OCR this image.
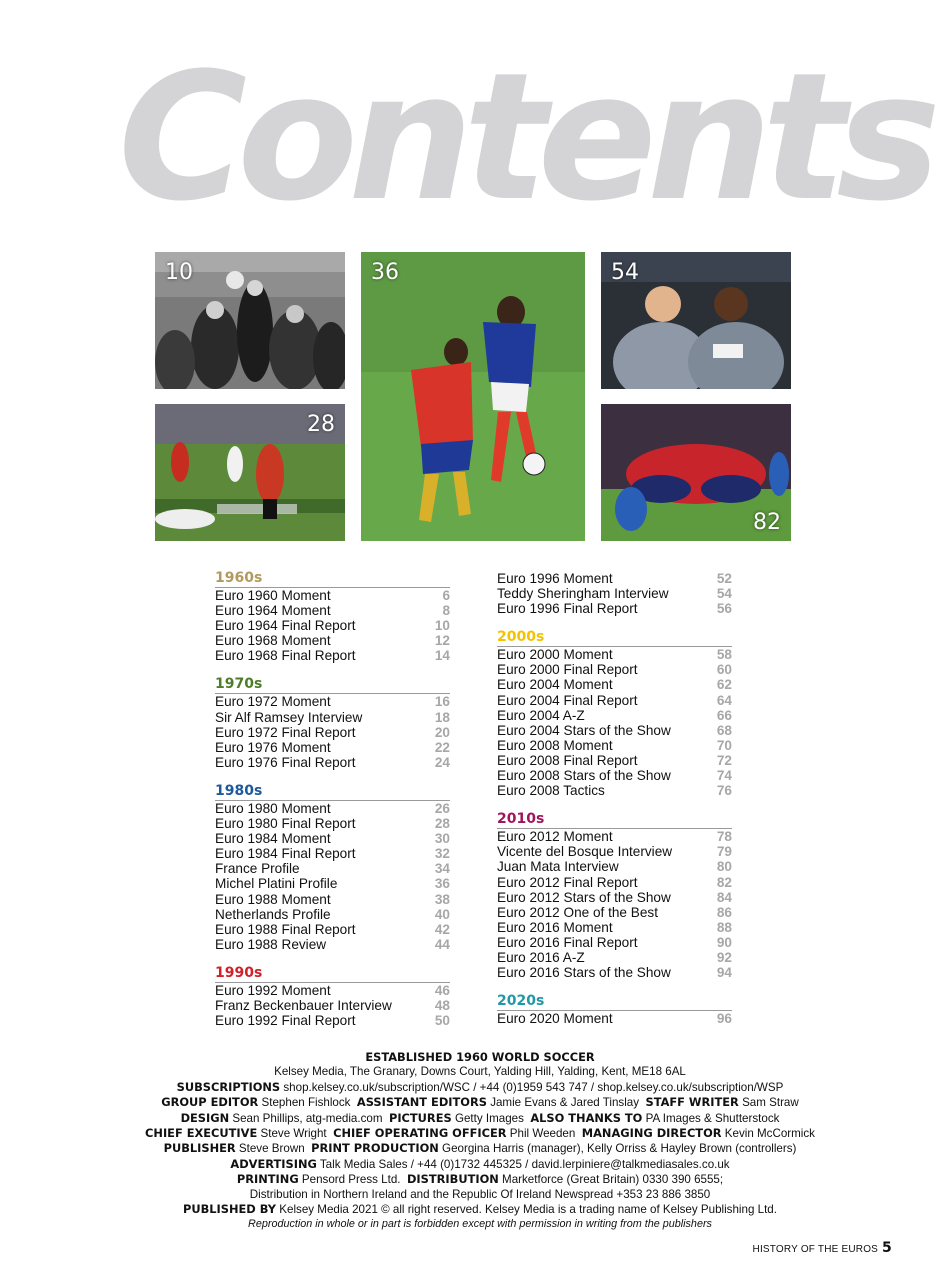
Contents
10
28
36	54
82
1960s
Euro 1960 Moment	6
Euro 1964 Moment	8
Euro 1964 Final Report	10
Euro 1968 Moment	12
Euro 1968 Final Report	14
1970s
Euro 1972 Moment	16
Sir Alf Ramsey Interview	18
Euro 1972 Final Report	20
Euro 1976 Moment	22
Euro 1976 Final Report	24
1980s
Euro 1980 Moment	26
Euro 1980 Final Report	28
Euro 1984 Moment	30
Euro 1984 Final Report	32
France Profile	34
Michel Platini Profile	36
Euro 1988 Moment	38
Netherlands Profile	40
Euro 1988 Final Report	42
Euro 1988 Review	44
1990s
Euro 1992 Moment	46
Franz Beckenbauer Interview	48
Euro 1992 Final Report	50
Euro 1996 Moment	52
Teddy Sheringham Interview	54
Euro 1996 Final Report	56
2000s
Euro 2000 Moment	58
Euro 2000 Final Report	60
Euro 2004 Moment	62
Euro 2004 Final Report	64
Euro 2004 A-Z	66
Euro 2004 Stars of the Show	68
Euro 2008 Moment	70
Euro 2008 Final Report	72
Euro 2008 Stars of the Show	74
Euro 2008 Tactics	76
2010s
Euro 2012 Moment	78
Vicente del Bosque Interview	79
Juan Mata Interview	80
Euro 2012 Final Report	82
Euro 2012 Stars of the Show	84
Euro 2012 One of the Best	86
Euro 2016 Moment	88
Euro 2016 Final Report	90
Euro 2016 A-Z	92
Euro 2016 Stars of the Show	94
2020s
Euro 2020 Moment	96
ESTABLISHED 1960 WORLD SOCCER
Kelsey Media, The Granary, Downs Court, Yalding Hill, Yalding, Kent, ME18 6AL
SUBSCRIPTIONS shop.kelsey.co.uk/subscription/WSC / +44 (0)1959 543 747 / shop.kelsey.co.uk/subscription/WSP
GROUP EDITOR Stephen Fishlock ASSISTANT EDITORS Jamie Evans & Jared Tinslay STAFF WRITER Sam Straw
DESIGN Sean Phillips, atg-media.com PICTURES Getty Images ALSO THANKS TO PA Images & Shutterstock
CHIEF EXECUTIVE Steve Wright CHIEF OPERATING OFFICER Phil Weeden MANAGING DIRECTOR Kevin McCormick
PUBLISHER Steve Brown PRINT PRODUCTION Georgina Harris (manager), Kelly Orriss & Hayley Brown (controllers)
ADVERTISING Talk Media Sales / +44 (0)1732 445325 / david.lerpiniere@talkmediasales.co.uk
PRINTING Pensord Press Ltd. DISTRIBUTION Marketforce (Great Britain) 0330 390 6555;
Distribution in Northern Ireland and the Republic Of Ireland Newspread +353 23 886 3850
PUBLISHED BY Kelsey Media 2021 © all right reserved. Kelsey Media is a trading name of Kelsey Publishing Ltd.
Reproduction in whole or in part is forbidden except with permission in writing from the publishers
HISTORY OF THE EUROS 5
